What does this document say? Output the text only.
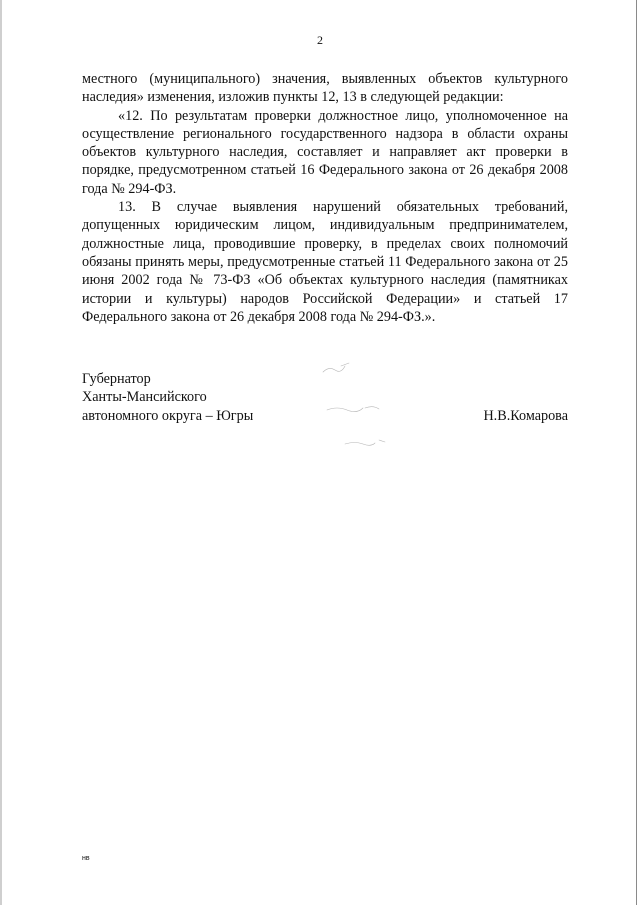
2

местного (муниципального) значения, выявленных объектов культурного наследия» изменения, изложив пункты 12, 13 в следующей редакции:

«12. По результатам проверки должностное лицо, уполномоченное на осуществление регионального государственного надзора в области охраны объектов культурного наследия, составляет и направляет акт проверки в порядке, предусмотренном статьей 16 Федерального закона от 26 декабря 2008 года № 294-ФЗ.

13. В случае выявления нарушений обязательных требований, допущенных юридическим лицом, индивидуальным предпринимателем, должностные лица, проводившие проверку, в пределах своих полномочий обязаны принять меры, предусмотренные статьей 11 Федерального закона от 25 июня 2002 года № 73-ФЗ «Об объектах культурного наследия (памятниках истории и культуры) народов Российской Федерации» и статьей 17 Федерального закона от 26 декабря 2008 года № 294-ФЗ.».

Губернатор
Ханты-Мансийского
автономного округа – Югры	Н.В.Комарова
нв
